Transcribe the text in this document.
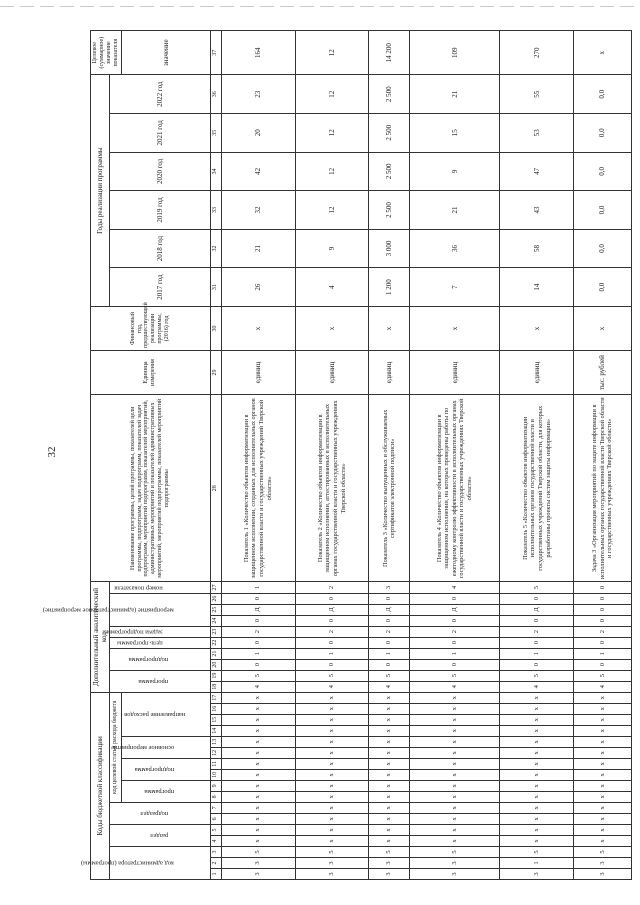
32
Коды бюджетной классификации																	Дополнительный аналитический код										Наименование программы, целей программы, показателей цели программы, подпрограмм, задач подпрограмм, показателей задач подпрограмм, мероприятий подпрограмм, показателей мероприятий, административных мероприятий и показателей административных мероприятий, мероприятий подпрограммы, показателей мероприятий подпрограммы	Единица измерения	Финансовый год, предшествующий реализации программы, (2016) год	Годы реализации программы						Целевое (суммарное) значение показателя

код администратора (программы)			раздел		подраздел		код целевой статьи расхода бюджета										программа		подпрограмма		цель программы	задача подпрограммы	мероприятие (административное мероприятие)			номер показателя				2017 год	2018 год	2019 год	2020 год	2021 год	2022 год	

							программа		подпрограмма		основное мероприятие		направление расходов																							значение
1	2	3	4	5	6	7	8	9	10	11	12	13	14	15	16	17	18	19	20	21	22	23	24	25	26	27	28	29	30	31	32	33	34	35	36	37
3	3	5	x	x	x	x	x	x	x	x	x	x	x	x	x	x	4	5	0	1	0	2	0	Д	0	1	Показатель 1 «Количество объектов информатизации в защищенном исполнении, созданных для исполнительных органов государственной власти и государственных учреждений Тверской области»	единиц	x	26	21	32	42	20	23	164
3	3	5	x	x	x	x	x	x	x	x	x	x	x	x	x	x	4	5	0	1	0	2	0	Д	0	2	Показатель 2 «Количество объектов информатизации в защищенном исполнении, аттестированных в исполнительных органах государственной власти и государственных учреждениях Тверской области»	единиц	x	4	9	12	12	12	12	12
3	3	5	x	x	x	x	x	x	x	x	x	x	x	x	x	x	4	5	0	1	0	2	0	Д	0	3	Показатель 3 «Количество выпущенных и обслуживаемых сертификатов электронной подписи»	единиц	x	1 200	3 000	2 500	2 500	2 500	2 500	14 200
3	3	5	x	x	x	x	x	x	x	x	x	x	x	x	x	x	4	5	0	1	0	2	0	Д	0	4	Показатель 4 «Количество объектов информатизации в защищенном исполнении, на которых проведены работы по ежегодному контролю эффективности в исполнительных органах государственной власти и государственных учреждениях Тверской области»	единиц	x	7	36	21	9	15	21	109
3	1	5	x	x	x	x	x	x	x	x	x	x	x	x	x	x	4	5	0	1	0	2	0	Д	0	5	Показатель 5 «Количество объектов информатизации исполнительных органов государственной власти и государственных учреждений Тверской области, для которых разработаны проекты систем защиты информации»	единиц	x	14	58	43	47	53	55	270
3	3	5	x	x	x	x	x	x	x	x	x	x	x	x	x	x	4	5	0	1	0	2	0	0	0	0	Задача 3 «Организация мероприятий по защите информации в исполнительных органах государственной власти Тверской области и государственных учреждениях Тверской области»	тыс. рублей	x	0,0	0,0	0,0	0,0	0,0	0,0	x
